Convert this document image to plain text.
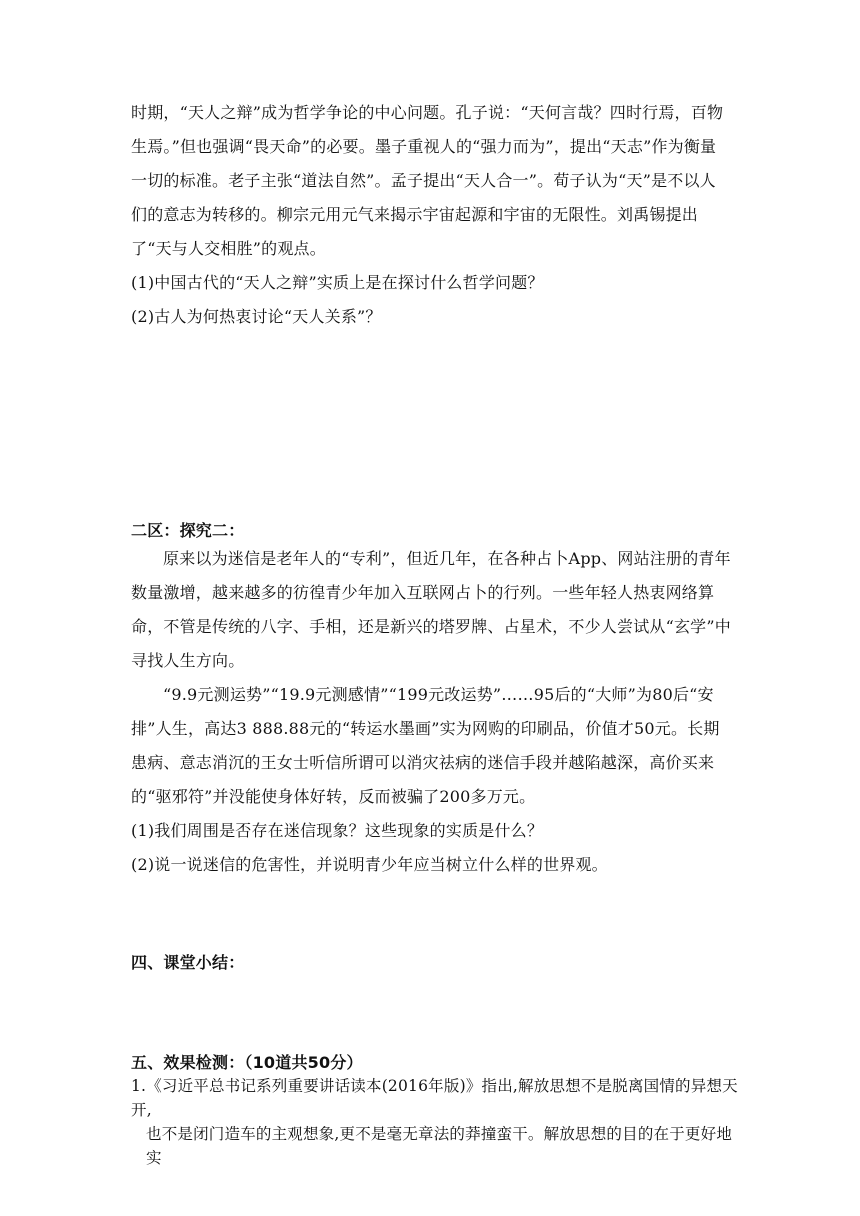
时期，“天人之辩”成为哲学争论的中心问题。孔子说：“天何言哉？四时行焉，百物生焉。”但也强调“畏天命”的必要。墨子重视人的“强力而为”，提出“天志”作为衡量一切的标准。老子主张“道法自然”。孟子提出“天人合一”。荀子认为“天”是不以人们的意志为转移的。柳宗元用元气来揭示宇宙起源和宇宙的无限性。刘禹锡提出了“天与人交相胜”的观点。

(1)中国古代的“天人之辩”实质上是在探讨什么哲学问题？

(2)古人为何热衷讨论“天人关系”？

二区：探究二：

原来以为迷信是老年人的“专利”，但近几年，在各种占卜App、网站注册的青年数量激增，越来越多的彷徨青少年加入互联网占卜的行列。一些年轻人热衷网络算命，不管是传统的八字、手相，还是新兴的塔罗牌、占星术，不少人尝试从“玄学”中寻找人生方向。

“9.9元测运势”“19.9元测感情”“199元改运势”……95后的“大师”为80后“安排”人生，高达3 888.88元的“转运水墨画”实为网购的印刷品，价值才50元。长期患病、意志消沉的王女士听信所谓可以消灾祛病的迷信手段并越陷越深，高价买来的“驱邪符”并没能使身体好转，反而被骗了200多万元。

(1)我们周围是否存在迷信现象？这些现象的实质是什么？

(2)说一说迷信的危害性，并说明青少年应当树立什么样的世界观。

四、课堂小结：

五、效果检测：（10道共50分）

1.《习近平总书记系列重要讲话读本(2016年版)》指出,解放思想不是脱离国情的异想天开,
也不是闭门造车的主观想象,更不是毫无章法的莽撞蛮干。解放思想的目的在于更好地实
